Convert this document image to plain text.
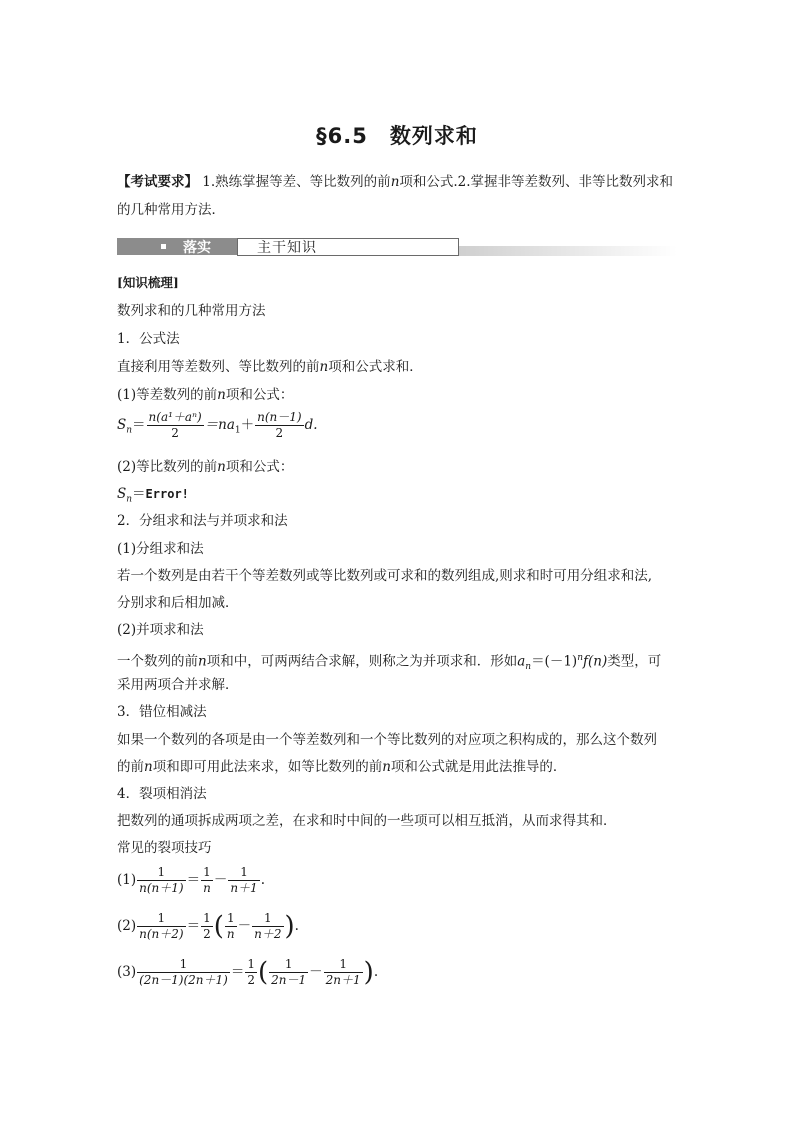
§6.5　数列求和
【考试要求】 1.熟练掌握等差、等比数列的前n项和公式.2.掌握非等差数列、非等比数列求和
的几种常用方法．
落实	主干知识
[知识梳理]
数列求和的几种常用方法
1．公式法
直接利用等差数列、等比数列的前n项和公式求和．
(1)等差数列的前n项和公式：
$S_n= \frac{\text{n(a¹＋aⁿ)}}{2} =na_1+ \frac{n(n-1)}{2} d$.
(2)等比数列的前n项和公式：
$S_n=Error$!
2．分组求和法与并项求和法
(1)分组求和法
若一个数列是由若干个等差数列或等比数列或可求和的数列组成,则求和时可用分组求和法,
分别求和后相加减．
(2)并项求和法
一个数列的前n项和中，可两两结合求解，则称之为并项求和．形如$a_n=(-1)^nf(n)$类型，可
采用两项合并求解．
3．错位相减法
如果一个数列的各项是由一个等差数列和一个等比数列的对应项之积构成的，那么这个数列
的前n项和即可用此法来求，如等比数列的前n项和公式就是用此法推导的．
4．裂项相消法
把数列的通项拆成两项之差，在求和时中间的一些项可以相互抵消，从而求得其和．
常见的裂项技巧
$(1) \frac{1}{n(n+1)} = \frac{1}{n} - \frac{1}{n+1}$ .
$(2) \frac{1}{n(n+2)} = \frac{1}{2}$ ( $\frac{1}{n} - \frac{1}{n+2}$ ).
$(3) \frac{1}{(2n-1)(2n+1)} = \frac{1}{2}$ ( $\frac{1}{2n-1} - \frac{1}{2n+1}$ ).
